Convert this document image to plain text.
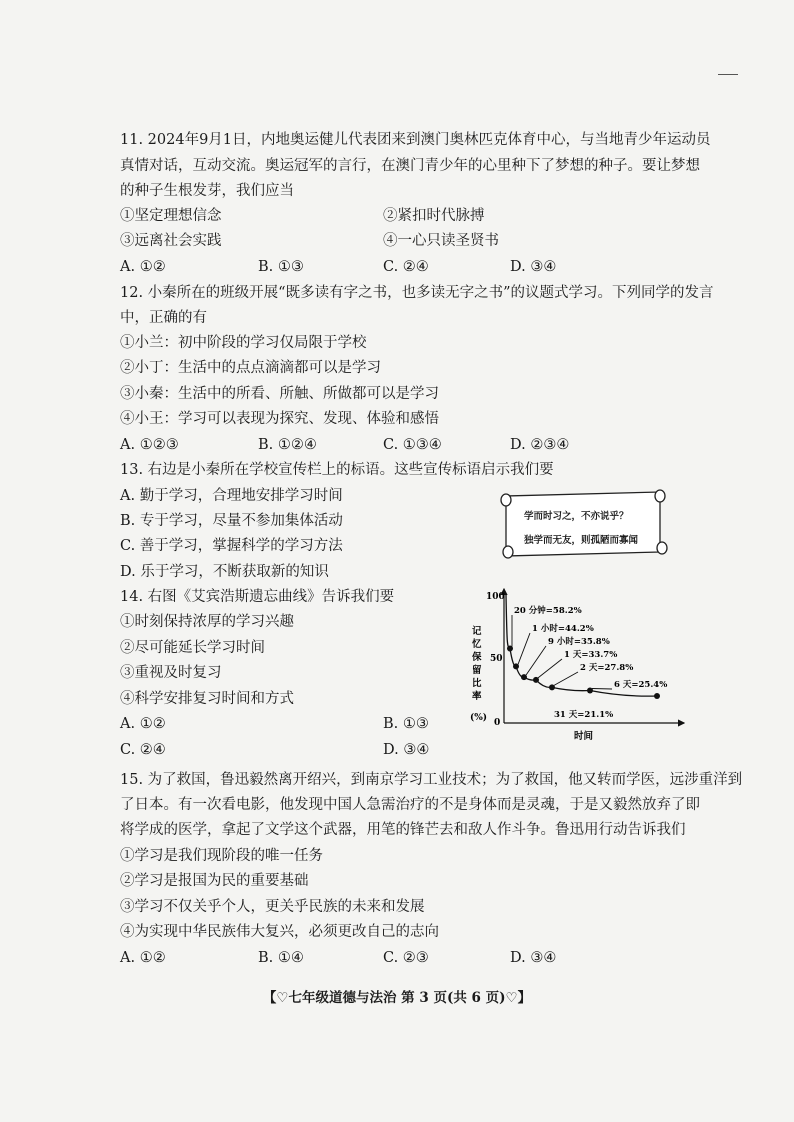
11. 2024年9月1日，内地奥运健儿代表团来到澳门奥林匹克体育中心，与当地青少年运动员
真情对话，互动交流。奥运冠军的言行，在澳门青少年的心里种下了梦想的种子。要让梦想
的种子生根发芽，我们应当
①坚定理想信念	②紧扣时代脉搏
③远离社会实践	④一心只读圣贤书
A. ①②	B. ①③	C. ②④	D. ③④
12. 小秦所在的班级开展“既多读有字之书，也多读无字之书”的议题式学习。下列同学的发言
中，正确的有
①小兰：初中阶段的学习仅局限于学校
②小丁：生活中的点点滴滴都可以是学习
③小秦：生活中的所看、所触、所做都可以是学习
④小王：学习可以表现为探究、发现、体验和感悟
A. ①②③	B. ①②④	C. ①③④	D. ②③④
13. 右边是小秦所在学校宣传栏上的标语。这些宣传标语启示我们要
A. 勤于学习，合理地安排学习时间
B. 专于学习，尽量不参加集体活动
C. 善于学习，掌握科学的学习方法
D. 乐于学习，不断获取新的知识
学而时习之，不亦说乎？
独学而无友，则孤陋而寡闻
14. 右图《艾宾浩斯遗忘曲线》告诉我们要
①时刻保持浓厚的学习兴趣
②尽可能延长学习时间
③重视及时复习
④科学安排复习时间和方式
A. ①②	B. ①③
C. ②④	D. ③④
100
50
0
记
忆
保
留
比
率
(%)
时间
20 分钟=58.2%
1 小时=44.2%
9 小时=35.8%
1 天=33.7%
2 天=27.8%
6 天=25.4%
31 天=21.1%
15. 为了救国，鲁迅毅然离开绍兴，到南京学习工业技术；为了救国，他又转而学医，远涉重洋到
了日本。有一次看电影，他发现中国人急需治疗的不是身体而是灵魂，于是又毅然放弃了即
将学成的医学，拿起了文学这个武器，用笔的锋芒去和敌人作斗争。鲁迅用行动告诉我们
①学习是我们现阶段的唯一任务
②学习是报国为民的重要基础
③学习不仅关乎个人，更关乎民族的未来和发展
④为实现中华民族伟大复兴，必须更改自己的志向
A. ①②	B. ①④	C. ②③	D. ③④
【♡七年级道德与法治 第 3 页(共 6 页)♡】
